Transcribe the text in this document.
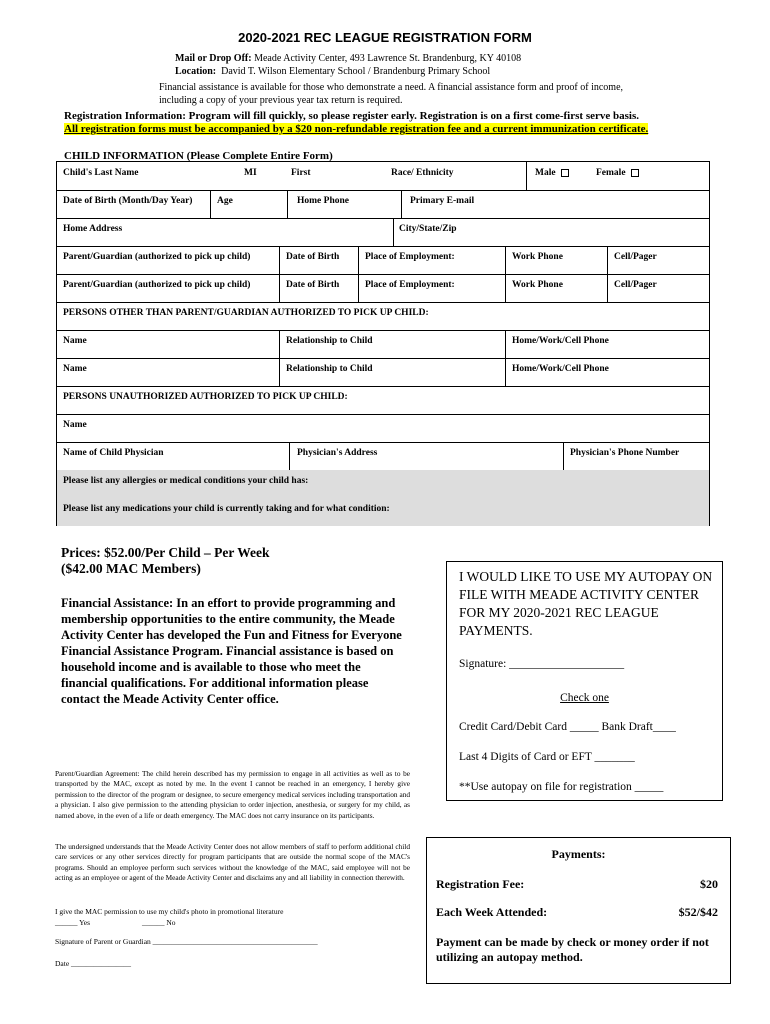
2020-2021 REC LEAGUE REGISTRATION FORM
Mail or Drop Off: Meade Activity Center, 493 Lawrence St. Brandenburg, KY 40108
Location: David T. Wilson Elementary School / Brandenburg Primary School
Financial assistance is available for those who demonstrate a need. A financial assistance form and proof of income,
including a copy of your previous year tax return is required.
Registration Information: Program will fill quickly, so please register early. Registration is on a first come-first serve basis.
All registration forms must be accompanied by a $20 non-refundable registration fee and a current immunization certificate.
CHILD INFORMATION (Please Complete Entire Form)
Child's Last Name	MI	First	Race/ Ethnicity	Male	Female
Date of Birth (Month/Day Year)	Age	Home Phone	Primary E-mail
Home Address	City/State/Zip
Parent/Guardian (authorized to pick up child)	Date of Birth	Place of Employment:	Work Phone	Cell/Pager
Parent/Guardian (authorized to pick up child)	Date of Birth	Place of Employment:	Work Phone	Cell/Pager
PERSONS OTHER THAN PARENT/GUARDIAN AUTHORIZED TO PICK UP CHILD:
Name	Relationship to Child	Home/Work/Cell Phone
Name	Relationship to Child	Home/Work/Cell Phone
PERSONS UNAUTHORIZED AUTHORIZED TO PICK UP CHILD:
Name
Name of Child Physician	Physician's Address	Physician's Phone Number
Please list any allergies or medical conditions your child has:
Please list any medications your child is currently taking and for what condition:
Prices: $52.00/Per Child – Per Week
($42.00 MAC Members)
Financial Assistance: In an effort to provide programming and membership opportunities to the entire community, the Meade Activity Center has developed the Fun and Fitness for Everyone Financial Assistance Program. Financial assistance is based on household income and is available to those who meet the financial qualifications. For additional information please contact the Meade Activity Center office.
I WOULD LIKE TO USE MY AUTOPAY ON FILE WITH MEADE ACTIVITY CENTER FOR MY 2020-2021 REC LEAGUE PAYMENTS.
Signature: ____________________
Check one
Credit Card/Debit Card _____ Bank Draft____
Last 4 Digits of Card or EFT _______
**Use autopay on file for registration _____
Parent/Guardian Agreement: The child herein described has my permission to engage in all activities as well as to be transported by the MAC, except as noted by me. In the event I cannot be reached in an emergency, I hereby give permission to the director of the program or designee, to secure emergency medical services including transportation and a physician. I also give permission to the attending physician to order injection, anesthesia, or surgery for my child, as named above, in the even of a life or death emergency. The MAC does not carry insurance on its participants.
The undersigned understands that the Meade Activity Center does not allow members of staff to perform additional child care services or any other services directly for program participants that are outside the normal scope of the MAC's programs. Should an employee perform such services without the knowledge of the MAC, said employee will not be acting as an employee or agent of the Meade Activity Center and disclaims any and all liability in connection therewith.
I give the MAC permission to use my child's photo in promotional literature
______ Yes	______ No
Signature of Parent or Guardian ____________________________________________
Date ________________
Payments:
Registration Fee:	$20
Each Week Attended:	$52/$42
Payment can be made by check or money order if not utilizing an autopay method.
